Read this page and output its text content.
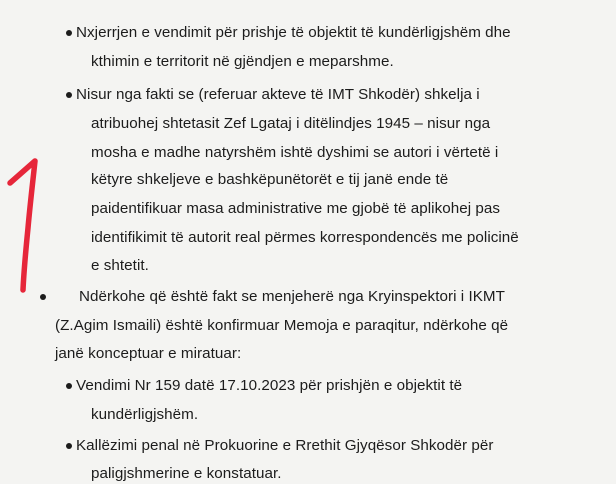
Nxjerrjen e vendimit për prishje të objektit të kundërligjshëm dhe
kthimin e territorit në gjëndjen e meparshme.
Nisur nga fakti se (referuar akteve të IMT Shkodër) shkelja i
atribuohej shtetasit Zef Lgataj i ditëlindjes 1945 – nisur nga
mosha e madhe natyrshëm ishtë dyshimi se autori i vërtetë i
këtyre shkeljeve e bashkëpunëtorët e tij janë ende të
paidentifikuar masa administrative me gjobë të aplikohej pas
identifikimit të autorit real përmes korrespondencës me policinë
e shtetit.
Ndërkohe që është fakt se menjeherë nga Kryinspektori i IKMT
(Z.Agim Ismaili) është konfirmuar Memoja e paraqitur, ndërkohe që
janë konceptuar e miratuar:
Vendimi Nr 159 datë 17.10.2023 për prishjën e objektit të
kundërligjshëm.
Kallëzimi penal në Prokuorine e Rrethit Gjyqësor Shkodër për
paligjshmerine e konstatuar.
